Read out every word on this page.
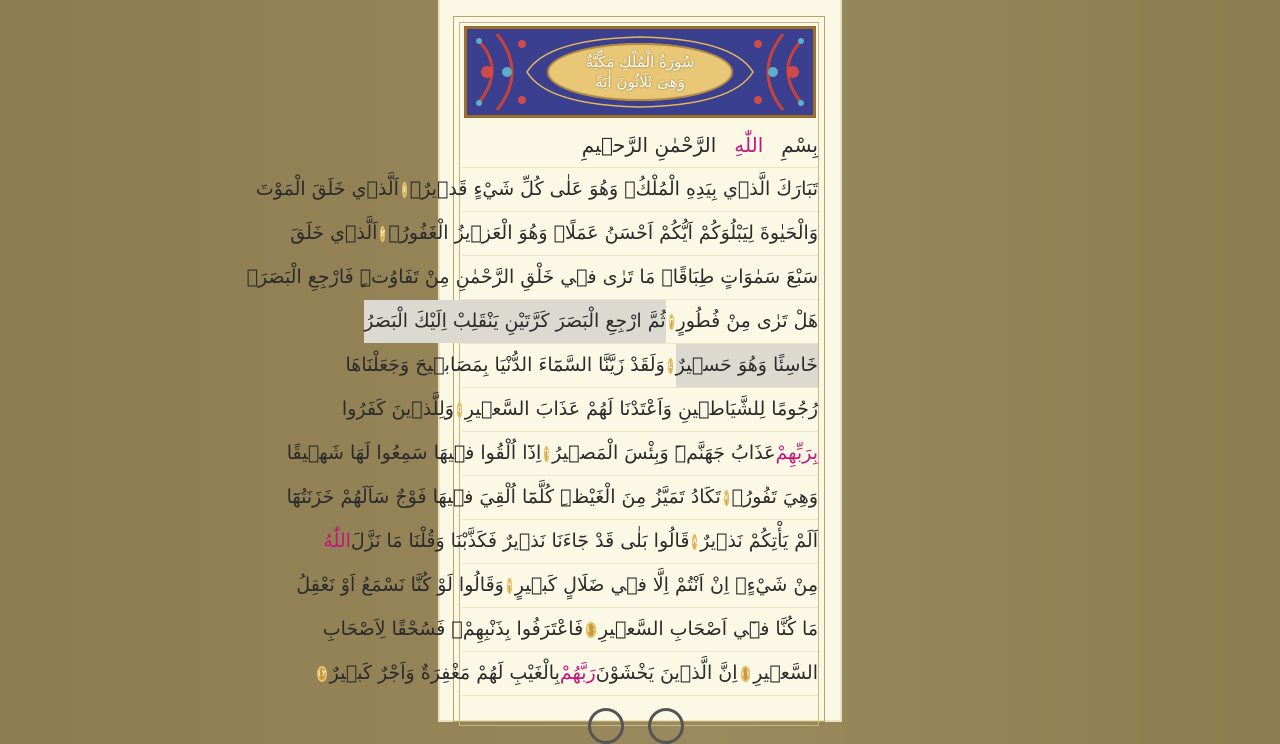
سُورَةُ الْمُلْكِ مَكِّيَّةٌ
وَهِىَ ثَلَاثُونَ اٰيَةً
بِسْمِ
اللّٰهِ
الرَّحْمٰنِ الرَّح۪يمِ
تَبَارَكَ الَّذ۪ي بِيَدِهِ الْمُلْكُۘ وَهُوَ عَلٰى كُلِّ شَيْءٍ قَد۪يرٌۙ
١
اَلَّذ۪ي خَلَقَ الْمَوْتَ
وَالْحَيٰوةَ لِيَبْلُوَكُمْ اَيُّكُمْ اَحْسَنُ عَمَلًاۜ وَهُوَ الْعَز۪يزُ الْغَفُورُۙ
٢
اَلَّذ۪ي خَلَقَ
سَبْعَ سَمٰوَاتٍ طِبَاقًاۜ مَا تَرٰى ف۪ي خَلْقِ الرَّحْمٰنِ مِنْ تَفَاوُتٍۜ فَارْجِعِ الْبَصَرَۙ
هَلْ تَرٰى مِنْ فُطُورٍ
٣
ثُمَّ ارْجِعِ الْبَصَرَ كَرَّتَيْنِ يَنْقَلِبْ اِلَيْكَ الْبَصَرُ
خَاسِئًا وَهُوَ حَس۪يرٌ
٤
وَلَقَدْ زَيَّنَّا السَّمَٓاءَ الدُّنْيَا بِمَصَاب۪يحَ وَجَعَلْنَاهَا
رُجُومًا لِلشَّيَاط۪ينِ وَاَعْتَدْنَا لَهُمْ عَذَابَ السَّع۪يرِ
٥
وَلِلَّذ۪ينَ كَفَرُوا
بِرَبِّهِمْ
عَذَابُ جَهَنَّمَۜ وَبِئْسَ الْمَص۪يرُ
٦
اِذَٓا اُلْقُوا ف۪يهَا سَمِعُوا لَهَا شَه۪يقًا
وَهِيَ تَفُورُۙ
٧
تَكَادُ تَمَيَّزُ مِنَ الْغَيْظِۜ كُلَّمَٓا اُلْقِيَ ف۪يهَا فَوْجٌ سَاَلَهُمْ خَزَنَتُهَٓا
اَلَمْ يَأْتِكُمْ نَذ۪يرٌ
٨
قَالُوا بَلٰى قَدْ جَٓاءَنَا نَذ۪يرٌ فَكَذَّبْنَا وَقُلْنَا مَا نَزَّلَ
اللّٰهُ
مِنْ شَيْءٍۚ اِنْ اَنْتُمْ اِلَّا ف۪ي ضَلَالٍ كَب۪يرٍ
٩
وَقَالُوا لَوْ كُنَّا نَسْمَعُ اَوْ نَعْقِلُ
مَا كُنَّا ف۪ٓي اَصْحَابِ السَّع۪يرِ
١٠
فَاعْتَرَفُوا بِذَنْبِهِمْۚ فَسُحْقًا لِاَصْحَابِ
السَّع۪يرِ
١١
اِنَّ الَّذ۪ينَ يَخْشَوْنَ
رَبَّهُمْ
بِالْغَيْبِ لَهُمْ مَغْفِرَةٌ وَاَجْرٌ كَب۪يرٌ
١٢
